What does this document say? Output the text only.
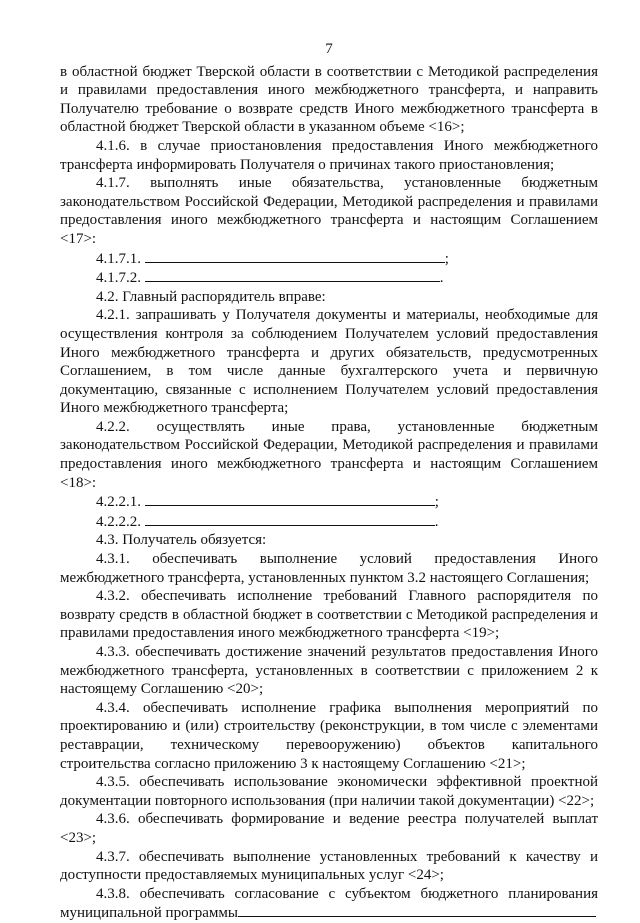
7

в областной бюджет Тверской области в соответствии с Методикой распределения и правилами предоставления иного межбюджетного трансферта, и направить Получателю требование о возврате средств Иного межбюджетного трансферта в областной бюджет Тверской области в указанном объеме <16>;

4.1.6. в случае приостановления предоставления Иного межбюджетного трансферта информировать Получателя о причинах такого приостановления;

4.1.7. выполнять иные обязательства, установленные бюджетным законодательством Российской Федерации, Методикой распределения и правилами предоставления иного межбюджетного трансферта и настоящим Соглашением <17>:

4.1.7.1.	;

4.1.7.2.	.

4.2. Главный распорядитель вправе:

4.2.1. запрашивать у Получателя документы и материалы, необходимые для осуществления контроля за соблюдением Получателем условий предоставления Иного межбюджетного трансферта и других обязательств, предусмотренных Соглашением, в том числе данные бухгалтерского учета и первичную документацию, связанные с исполнением Получателем условий предоставления Иного межбюджетного трансферта;

4.2.2. осуществлять иные права, установленные бюджетным законодательством Российской Федерации, Методикой распределения и правилами предоставления иного межбюджетного трансферта и настоящим Соглашением <18>:

4.2.2.1.	;

4.2.2.2.	.

4.3. Получатель обязуется:

4.3.1. обеспечивать выполнение условий предоставления Иного межбюджетного трансферта, установленных пунктом 3.2 настоящего Соглашения;

4.3.2. обеспечивать исполнение требований Главного распорядителя по возврату средств в областной бюджет в соответствии с Методикой распределения и правилами предоставления иного межбюджетного трансферта <19>;

4.3.3. обеспечивать достижение значений результатов предоставления Иного межбюджетного трансферта, установленных в соответствии с приложением 2 к настоящему Соглашению <20>;

4.3.4. обеспечивать исполнение графика выполнения мероприятий по проектированию и (или) строительству (реконструкции, в том числе с элементами реставрации, техническому перевооружению) объектов капитального строительства согласно приложению 3 к настоящему Соглашению <21>;

4.3.5. обеспечивать использование экономически эффективной проектной документации повторного использования (при наличии такой документации) <22>;

4.3.6. обеспечивать формирование и ведение реестра получателей выплат <23>;

4.3.7. обеспечивать выполнение установленных требований к качеству и доступности предоставляемых муниципальных услуг <24>;

4.3.8. обеспечивать согласование с субъектом бюджетного планирования муниципальной программы
